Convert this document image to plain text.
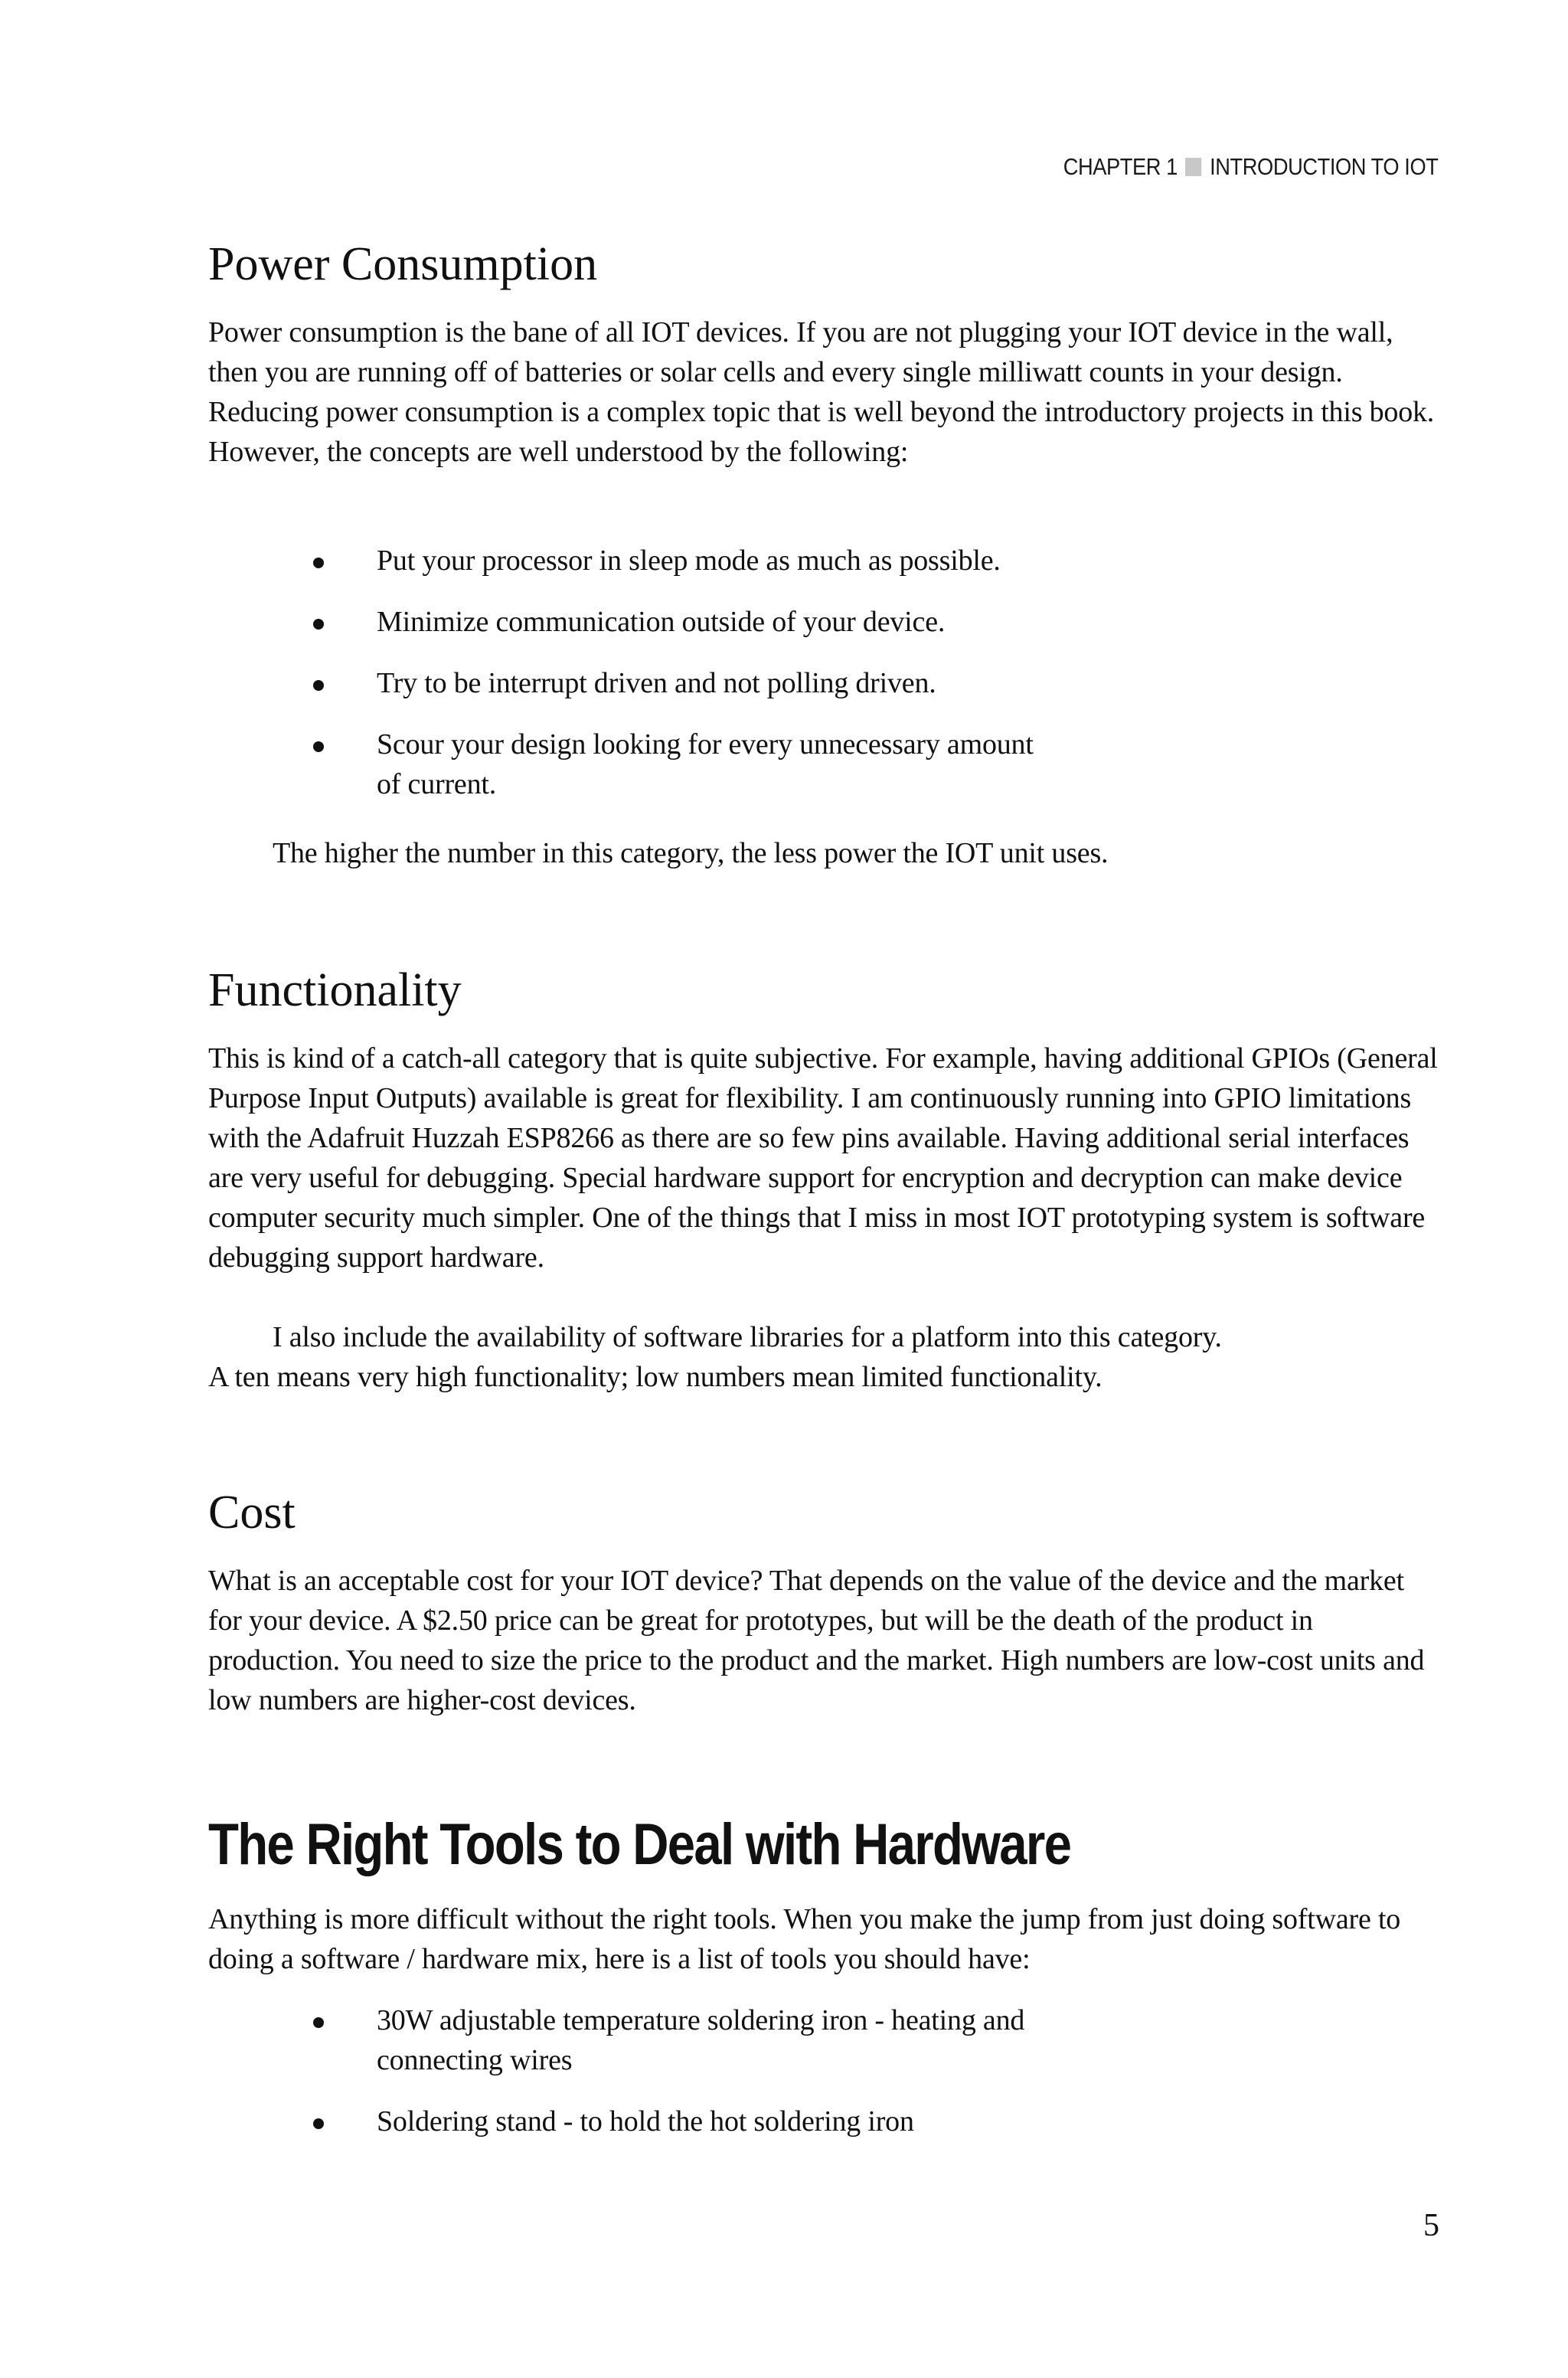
CHAPTER 1 INTRODUCTION TO IOT
Power Consumption

Power consumption is the bane of all IOT devices. If you are not plugging your IOT device in the wall, then you are running off of batteries or solar cells and every single milliwatt counts in your design. Reducing power consumption is a complex topic that is well beyond the introductory projects in this book. However, the concepts are well understood by the following:

Put your processor in sleep mode as much as possible.
Minimize communication outside of your device.
Try to be interrupt driven and not polling driven.
Scour your design looking for every unnecessary amount of current.

The higher the number in this category, the less power the IOT unit uses.

Functionality

This is kind of a catch-all category that is quite subjective. For example, having additional GPIOs (General Purpose Input Outputs) available is great for flexibility. I am continuously running into GPIO limitations with the Adafruit Huzzah ESP8266 as there are so few pins available. Having additional serial interfaces are very useful for debugging. Special hardware support for encryption and decryption can make device computer security much simpler. One of the things that I miss in most IOT prototyping system is software debugging support hardware.

I also include the availability of software libraries for a platform into this category.

A ten means very high functionality; low numbers mean limited functionality.

Cost

What is an acceptable cost for your IOT device? That depends on the value of the device and the market for your device. A $2.50 price can be great for prototypes, but will be the death of the product in production. You need to size the price to the product and the market. High numbers are low-cost units and low numbers are higher-cost devices.

The Right Tools to Deal with Hardware

Anything is more difficult without the right tools. When you make the jump from just doing software to doing a software / hardware mix, here is a list of tools you should have:

30W adjustable temperature soldering iron - heating and connecting wires
Soldering stand - to hold the hot soldering iron
5
